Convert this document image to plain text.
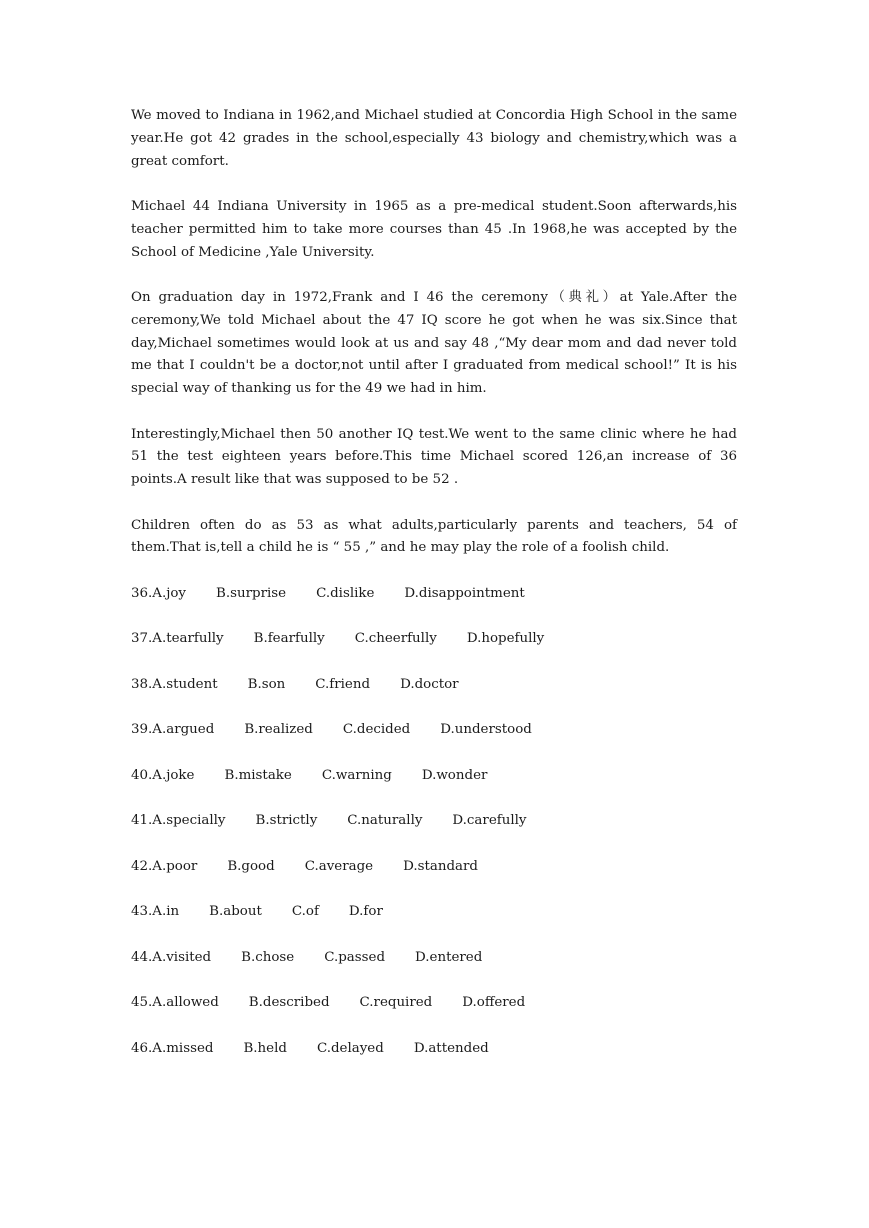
We moved to Indiana in 1962,and Michael studied at Concordia High School in the same year.He got 42 grades in the school,especially 43 biology and chemistry,which was a great comfort.

Michael 44 Indiana University in 1965 as a pre-medical student.Soon afterwards,his teacher permitted him to take more courses than 45 .In 1968,he was accepted by the School of Medicine ,Yale University.

On graduation day in 1972,Frank and I 46 the ceremony（典礼）at Yale.After the ceremony,We told Michael about the 47 IQ score he got when he was six.Since that day,Michael sometimes would look at us and say 48 ,“My dear mom and dad never told me that I couldn't be a doctor,not until after I graduated from medical school!” It is his special way of thanking us for the 49 we had in him.

Interestingly,Michael then 50 another IQ test.We went to the same clinic where he had 51 the test eighteen years before.This time Michael scored 126,an increase of 36 points.A result like that was supposed to be 52 .

Children often do as 53 as what adults,particularly parents and teachers, 54 of them.That is,tell a child he is “ 55 ,” and he may play the role of a foolish child.

36. A.joy B.surprise C.dislike D.disappointment
37. A.tearfully B.fearfully C.cheerfully D.hopefully
38. A.student B.son C.friend D.doctor
39. A.argued B.realized C.decided D.understood
40. A.joke B.mistake C.warning D.wonder
41. A.specially B.strictly C.naturally D.carefully
42. A.poor B.good C.average D.standard
43. A.in B.about C.of D.for
44. A.visited B.chose C.passed D.entered
45. A.allowed B.described C.required D.offered
46. A.missed B.held C.delayed D.attended
